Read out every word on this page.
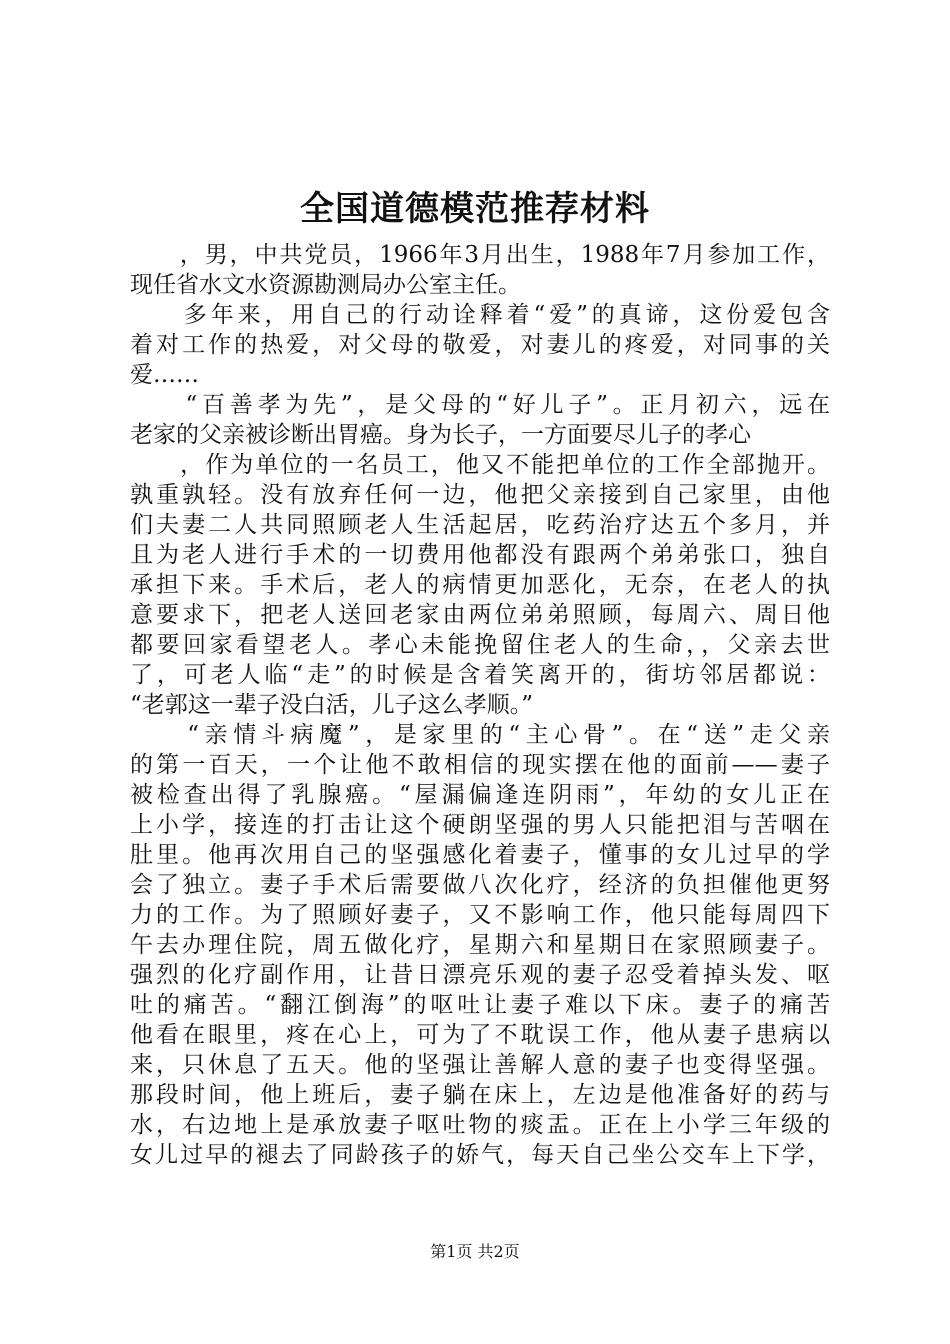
全国道德模范推荐材料
　　，男，中共党员，1966年3月出生，1988年7月参加工作，
现任省水文水资源勘测局办公室主任。
　　多年来，用自己的行动诠释着“爱”的真谛，这份爱包含
着对工作的热爱，对父母的敬爱，对妻儿的疼爱，对同事的关
爱……
　　“百善孝为先”，是父母的“好儿子”。正月初六，远在
老家的父亲被诊断出胃癌。身为长子，一方面要尽儿子的孝心
　　，作为单位的一名员工，他又不能把单位的工作全部抛开。
孰重孰轻。没有放弃任何一边，他把父亲接到自己家里，由他
们夫妻二人共同照顾老人生活起居，吃药治疗达五个多月，并
且为老人进行手术的一切费用他都没有跟两个弟弟张口，独自
承担下来。手术后，老人的病情更加恶化，无奈，在老人的执
意要求下，把老人送回老家由两位弟弟照顾，每周六、周日他
都要回家看望老人。孝心未能挽留住老人的生命，，父亲去世
了，可老人临“走”的时候是含着笑离开的，街坊邻居都说：
“老郭这一辈子没白活，儿子这么孝顺。”
　　“亲情斗病魔”，是家里的“主心骨”。在“送”走父亲
的第一百天，一个让他不敢相信的现实摆在他的面前——妻子
被检查出得了乳腺癌。“屋漏偏逢连阴雨”，年幼的女儿正在
上小学，接连的打击让这个硬朗坚强的男人只能把泪与苦咽在
肚里。他再次用自己的坚强感化着妻子，懂事的女儿过早的学
会了独立。妻子手术后需要做八次化疗，经济的负担催他更努
力的工作。为了照顾好妻子，又不影响工作，他只能每周四下
午去办理住院，周五做化疗，星期六和星期日在家照顾妻子。
强烈的化疗副作用，让昔日漂亮乐观的妻子忍受着掉头发、呕
吐的痛苦。“翻江倒海”的呕吐让妻子难以下床。妻子的痛苦
他看在眼里，疼在心上，可为了不耽误工作，他从妻子患病以
来，只休息了五天。他的坚强让善解人意的妻子也变得坚强。
那段时间，他上班后，妻子躺在床上，左边是他准备好的药与
水，右边地上是承放妻子呕吐物的痰盂。正在上小学三年级的
女儿过早的褪去了同龄孩子的娇气，每天自己坐公交车上下学，
第1页 共2页
